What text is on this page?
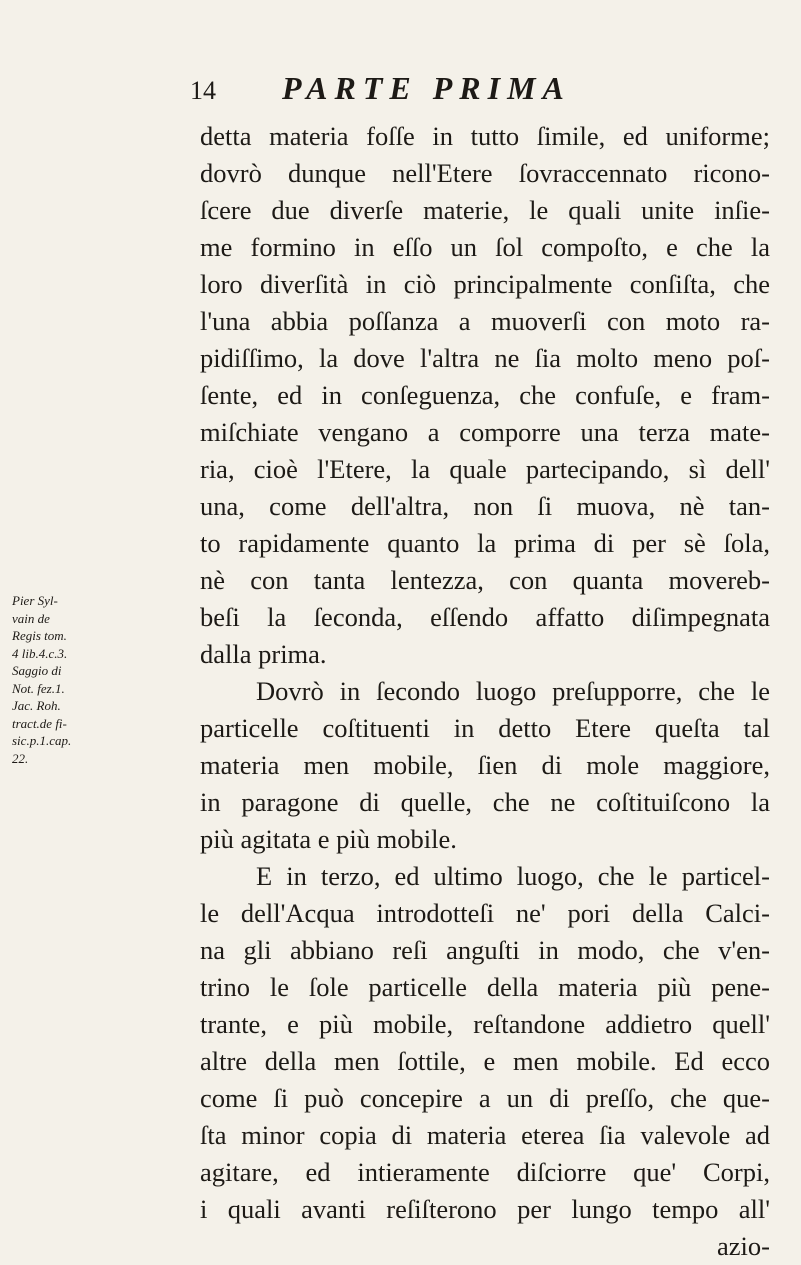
14 PARTE PRIMA
Pier Syl-
vain de
Regis tom.
4 lib.4.c.3.
Saggio di
Not. fez.1.
Jac. Roh.
tract.de fi-
sic.p.1.cap.
22.
detta materia foſſe in tutto ſimile, ed uniforme;
dovrò dunque nell'Etere ſovraccennato ricono-
ſcere due diverſe materie, le quali unite inſie-
me formino in eſſo un ſol compoſto, e che la
loro diverſità in ciò principalmente conſiſta, che
l'una abbia poſſanza a muoverſi con moto ra-
pidiſſimo, la dove l'altra ne ſia molto meno poſ-
ſente, ed in conſeguenza, che confuſe, e fram-
miſchiate vengano a comporre una terza mate-
ria, cioè l'Etere, la quale partecipando, sì dell'
una, come dell'altra, non ſi muova, nè tan-
to rapidamente quanto la prima di per sè ſola,
nè con tanta lentezza, con quanta movereb-
beſi la ſeconda, eſſendo affatto diſimpegnata
dalla prima.
Dovrò in ſecondo luogo preſupporre, che le
particelle coſtituenti in detto Etere queſta tal
materia men mobile, ſien di mole maggiore,
in paragone di quelle, che ne coſtituiſcono la
più agitata e più mobile.
E in terzo, ed ultimo luogo, che le particel-
le dell'Acqua introdotteſi ne' pori della Calci-
na gli abbiano reſi anguſti in modo, che v'en-
trino le ſole particelle della materia più pene-
trante, e più mobile, reſtandone addietro quell'
altre della men ſottile, e men mobile. Ed ecco
come ſi può concepire a un di preſſo, che que-
ſta minor copia di materia eterea ſia valevole ad
agitare, ed intieramente diſciorre que' Corpi,
i quali avanti reſiſterono per lungo tempo all'
azio-
